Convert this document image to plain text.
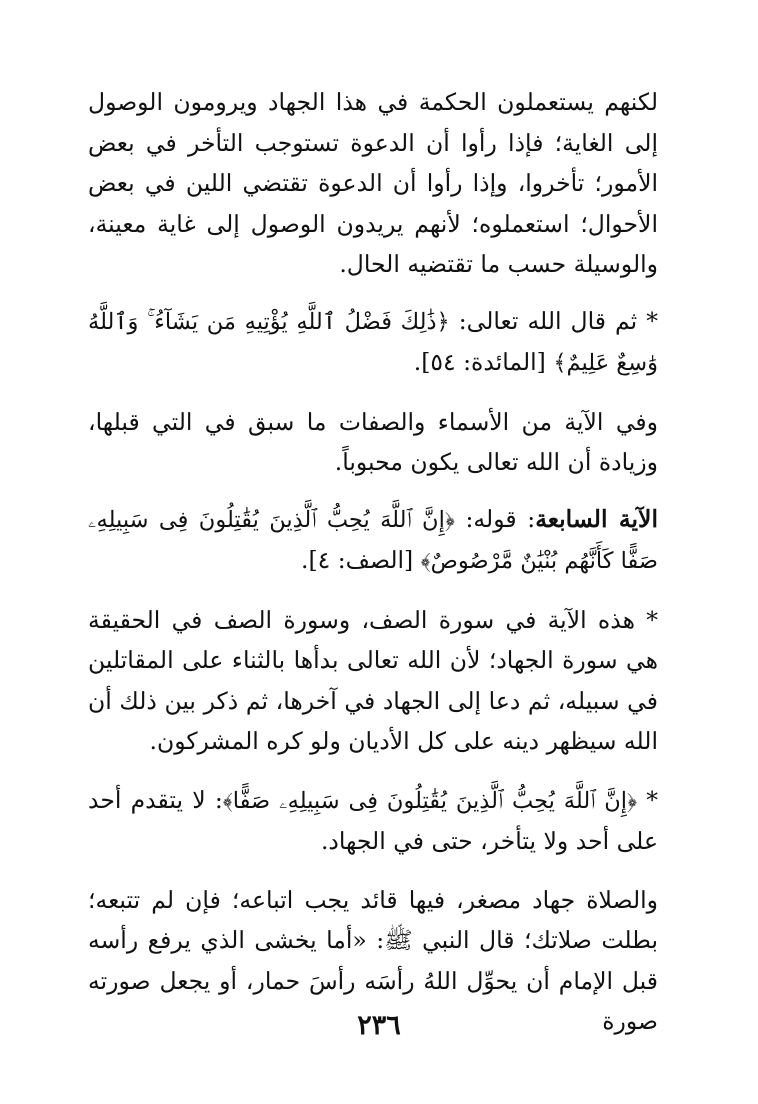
لكنهم يستعملون الحكمة في هذا الجهاد ويرومون الوصول إلى الغاية؛ فإذا رأوا أن الدعوة تستوجب التأخر في بعض الأمور؛ تأخروا، وإذا رأوا أن الدعوة تقتضي اللين في بعض الأحوال؛ استعملوه؛ لأنهم يريدون الوصول إلى غاية معينة، والوسيلة حسب ما تقتضيه الحال.

* ثم قال الله تعالى: ﴿ذَٰلِكَ فَضْلُ ٱللَّهِ يُؤْتِيهِ مَن يَشَآءُ ۚ وَٱللَّهُ وَٰسِعٌ عَلِيمٌ﴾ [المائدة: ٥٤].

وفي الآية من الأسماء والصفات ما سبق في التي قبلها، وزيادة أن الله تعالى يكون محبوباً.

الآية السابعة: قوله: ﴿إِنَّ ٱللَّهَ يُحِبُّ ٱلَّذِينَ يُقَٰتِلُونَ فِى سَبِيلِهِۦ صَفًّا كَأَنَّهُم بُنْيَٰنٌ مَّرْصُوصٌ﴾ [الصف: ٤].

* هذه الآية في سورة الصف، وسورة الصف في الحقيقة هي سورة الجهاد؛ لأن الله تعالى بدأها بالثناء على المقاتلين في سبيله، ثم دعا إلى الجهاد في آخرها، ثم ذكر بين ذلك أن الله سيظهر دينه على كل الأديان ولو كره المشركون.

* ﴿إِنَّ ٱللَّهَ يُحِبُّ ٱلَّذِينَ يُقَٰتِلُونَ فِى سَبِيلِهِۦ صَفًّا﴾: لا يتقدم أحد على أحد ولا يتأخر، حتى في الجهاد.

والصلاة جهاد مصغر، فيها قائد يجب اتباعه؛ فإن لم تتبعه؛ بطلت صلاتك؛ قال النبي ﷺ: «أما يخشى الذي يرفع رأسه قبل الإمام أن يحوِّل اللهُ رأسَه رأسَ حمار، أو يجعل صورته صورة

٢٣٦
